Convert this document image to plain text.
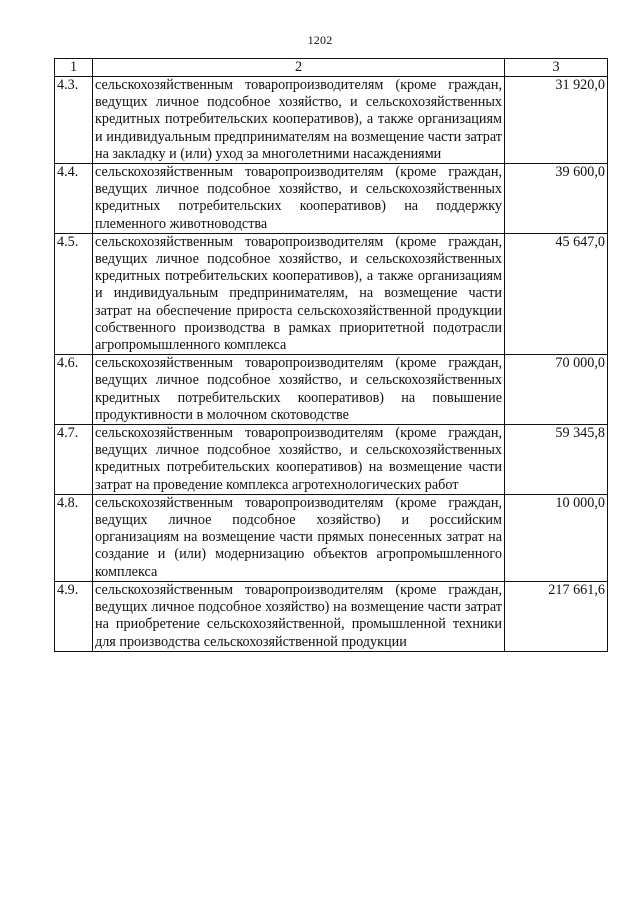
1202
1	2	3
4.3.	сельскохозяйственным товаропроизводителям (кроме граждан, ведущих личное подсобное хозяйство, и сельскохозяйственных кредитных потребительских кооперативов), а также организациям и индивидуальным предпринимателям на возмещение части затрат на закладку и (или) уход за многолетними насаждениями	31 920,0
4.4.	сельскохозяйственным товаропроизводителям (кроме граждан, ведущих личное подсобное хозяйство, и сельскохозяйственных кредитных потребительских кооперативов) на поддержку племенного животноводства	39 600,0
4.5.	сельскохозяйственным товаропроизводителям (кроме граждан, ведущих личное подсобное хозяйство, и сельскохозяйственных кредитных потребительских кооперативов), а также организациям и индивидуальным предпринимателям, на возмещение части затрат на обеспечение прироста сельскохозяйственной продукции собственного производства в рамках приоритетной подотрасли агропромышленного комплекса	45 647,0
4.6.	сельскохозяйственным товаропроизводителям (кроме граждан, ведущих личное подсобное хозяйство, и сельскохозяйственных кредитных потребительских кооперативов) на повышение продуктивности в молочном скотоводстве	70 000,0
4.7.	сельскохозяйственным товаропроизводителям (кроме граждан, ведущих личное подсобное хозяйство, и сельскохозяйственных кредитных потребительских кооперативов) на возмещение части затрат на проведение комплекса агротехнологических работ	59 345,8
4.8.	сельскохозяйственным товаропроизводителям (кроме граждан, ведущих личное подсобное хозяйство) и российским организациям на возмещение части прямых понесенных затрат на создание и (или) модернизацию объектов агропромышленного комплекса	10 000,0
4.9.	сельскохозяйственным товаропроизводителям (кроме граждан, ведущих личное подсобное хозяйство) на возмещение части затрат на приобретение сельскохозяйственной, промышленной техники для производства сельскохозяйственной продукции	217 661,6
